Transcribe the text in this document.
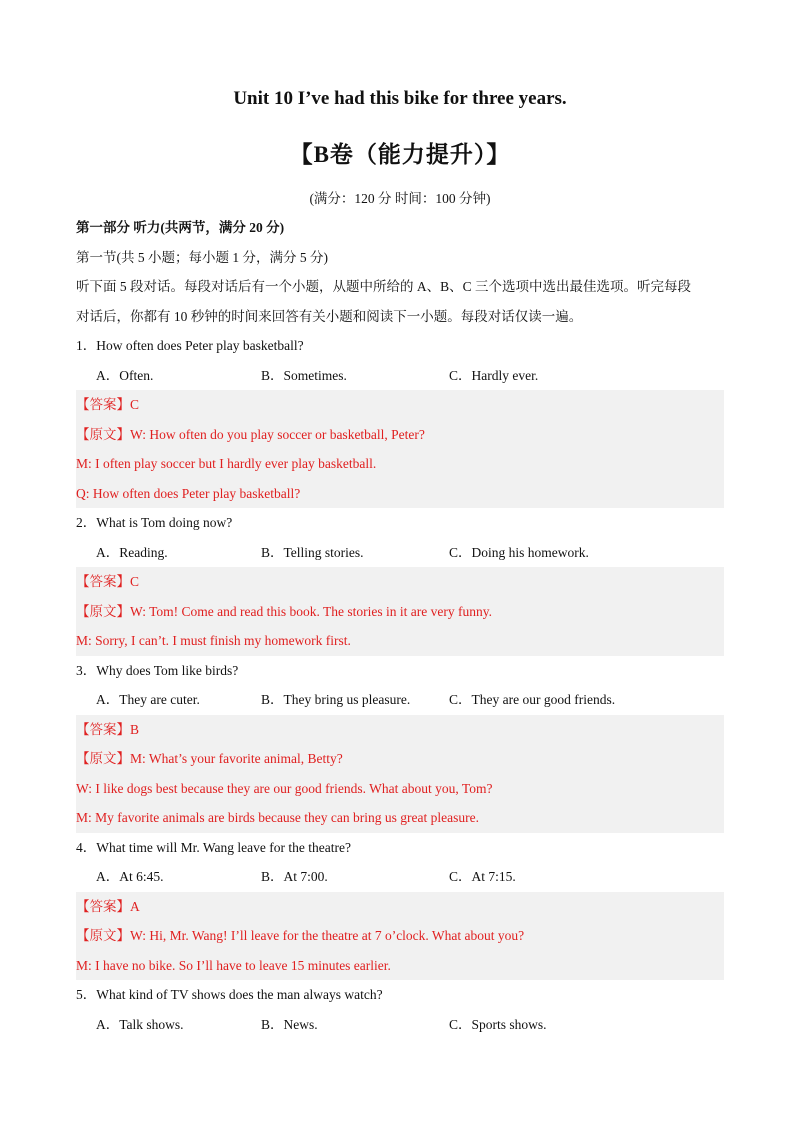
Unit 10 I’ve had this bike for three years.
【B卷（能力提升）】
(满分：120 分 时间：100 分钟)
第一部分 听力(共两节，满分 20 分)
第一节(共 5 小题；每小题 1 分，满分 5 分)
听下面 5 段对话。每段对话后有一个小题，从题中所给的 A、B、C 三个选项中选出最佳选项。听完每段
对话后，你都有 10 秒钟的时间来回答有关小题和阅读下一小题。每段对话仅读一遍。
1．How often does Peter play basketball?
A．Often.	B．Sometimes.	C．Hardly ever.
【答案】C
【原文】W: How often do you play soccer or basketball, Peter?
M: I often play soccer but I hardly ever play basketball.
Q: How often does Peter play basketball?
2．What is Tom doing now?
A．Reading.	B．Telling stories.	C．Doing his homework.
【答案】C
【原文】W: Tom! Come and read this book. The stories in it are very funny.
M: Sorry, I can’t. I must finish my homework first.
3．Why does Tom like birds?
A．They are cuter.	B．They bring us pleasure.	C．They are our good friends.
【答案】B
【原文】M: What’s your favorite animal, Betty?
W: I like dogs best because they are our good friends. What about you, Tom?
M: My favorite animals are birds because they can bring us great pleasure.
4．What time will Mr. Wang leave for the theatre?
A．At 6:45.	B．At 7:00.	C．At 7:15.
【答案】A
【原文】W: Hi, Mr. Wang! I’ll leave for the theatre at 7 o’clock. What about you?
M: I have no bike. So I’ll have to leave 15 minutes earlier.
5．What kind of TV shows does the man always watch?
A．Talk shows.	B．News.	C．Sports shows.
